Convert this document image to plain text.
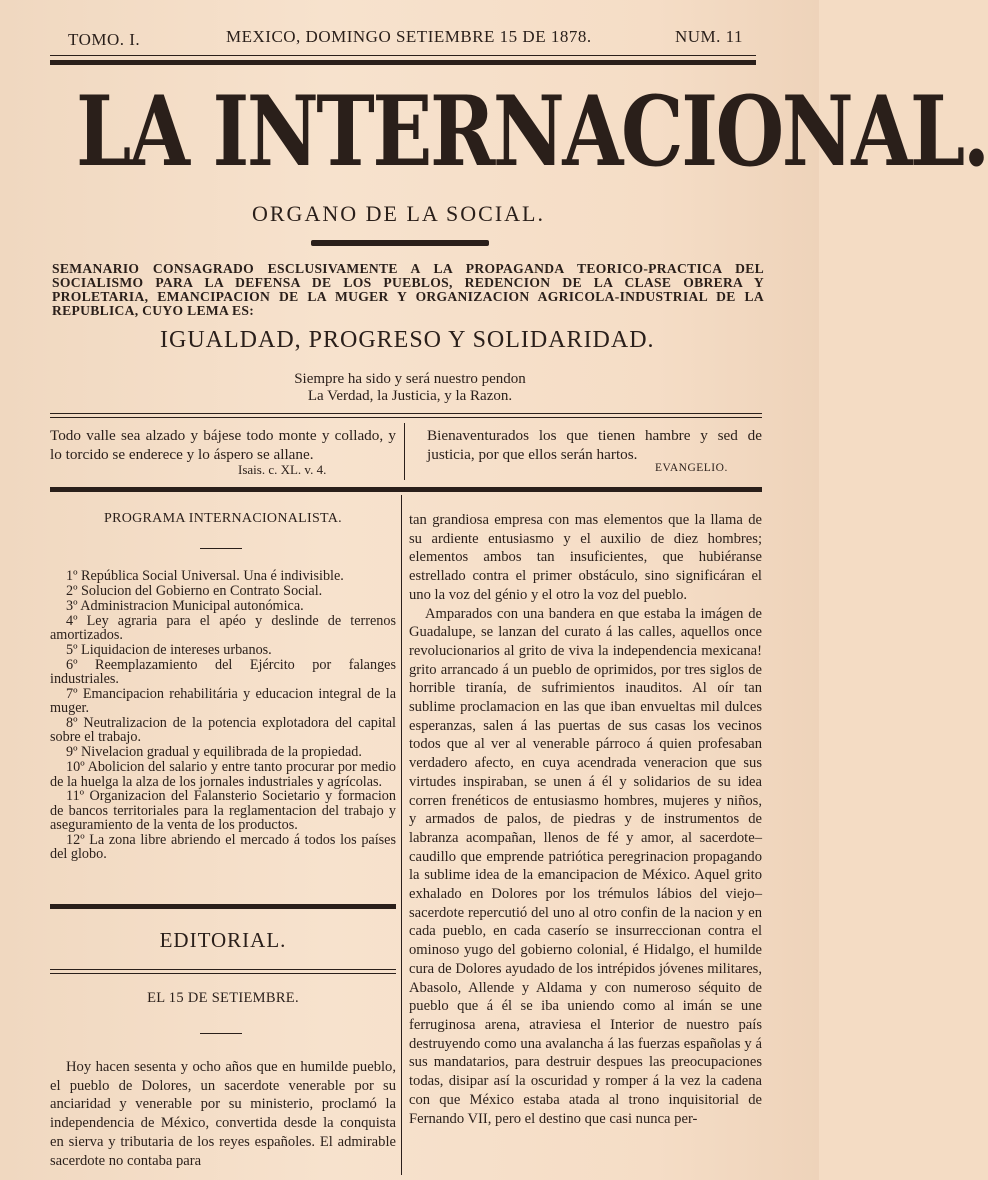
TOMO. I.	MEXICO, DOMINGO SETIEMBRE 15 DE 1878.	NUM. 11
LA INTERNACIONAL.
ORGANO DE LA SOCIAL.
SEMANARIO CONSAGRADO ESCLUSIVAMENTE A LA PROPAGANDA TEORICO-PRACTICA DEL SOCIALISMO PARA LA DEFENSA DE LOS PUEBLOS, REDENCION DE LA CLASE OBRERA Y PROLETARIA, EMANCIPACION DE LA MUGER Y ORGANIZACION AGRICOLA-INDUSTRIAL DE LA REPUBLICA, CUYO LEMA ES:
IGUALDAD, PROGRESO Y SOLIDARIDAD.
Siempre ha sido y será nuestro pendon
La Verdad, la Justicia, y la Razon.
Todo valle sea alzado y bájese todo monte y collado, y lo torcido se enderece y lo áspero se allane.
Isais. c. XL. v. 4.
Bienaventurados los que tienen hambre y sed de justicia, por que ellos serán hartos.
EVANGELIO.
PROGRAMA INTERNACIONALISTA.
1º República Social Universal. Una é indivisible.
2º Solucion del Gobierno en Contrato Social.
3º Administracion Municipal autonómica.
4º Ley agraria para el apéo y deslinde de terrenos amortizados.
5º Liquidacion de intereses urbanos.
6º Reemplazamiento del Ejército por falanges industriales.
7º Emancipacion rehabilitária y educacion integral de la muger.
8º Neutralizacion de la potencia explotadora del capital sobre el trabajo.
9º Nivelacion gradual y equilibrada de la propiedad.
10º Abolicion del salario y entre tanto procurar por medio de la huelga la alza de los jornales industriales y agrícolas.
11º Organizacion del Falansterio Societario y formacion de bancos territoriales para la reglamentacion del trabajo y aseguramiento de la venta de los productos.
12º La zona libre abriendo el mercado á todos los países del globo.
EDITORIAL.
EL 15 DE SETIEMBRE.
Hoy hacen sesenta y ocho años que en humilde pueblo, el pueblo de Dolores, un sacerdote venerable por su anciaridad y venerable por su ministerio, proclamó la independencia de México, convertida desde la conquista en sierva y tributaria de los reyes españoles. El admirable sacerdote no contaba para
tan grandiosa empresa con mas elementos que la llama de su ardiente entusiasmo y el auxilio de diez hombres; elementos ambos tan insuficientes, que hubiéranse estrellado contra el primer obstáculo, sino significáran el uno la voz del génio y el otro la voz del pueblo.
Amparados con una bandera en que estaba la imágen de Guadalupe, se lanzan del curato á las calles, aquellos once revolucionarios al grito de viva la independencia mexicana! grito arrancado á un pueblo de oprimidos, por tres siglos de horrible tiranía, de sufrimientos inauditos. Al oír tan sublime proclamacion en las que iban envueltas mil dulces esperanzas, salen á las puertas de sus casas los vecinos todos que al ver al venerable párroco á quien profesaban verdadero afecto, en cuya acendrada veneracion que sus virtudes inspiraban, se unen á él y solidarios de su idea corren frenéticos de entusiasmo hombres, mujeres y niños, y armados de palos, de piedras y de instrumentos de labranza acompañan, llenos de fé y amor, al sacerdote–caudillo que emprende patriótica peregrinacion propagando la sublime idea de la emancipacion de México. Aquel grito exhalado en Dolores por los trémulos lábios del viejo–sacerdote repercutió del uno al otro confin de la nacion y en cada pueblo, en cada caserío se insurreccionan contra el ominoso yugo del gobierno colonial, é Hidalgo, el humilde cura de Dolores ayudado de los intrépidos jóvenes militares, Abasolo, Allende y Aldama y con numeroso séquito de pueblo que á él se iba uniendo como al imán se une ferruginosa arena, atraviesa el Interior de nuestro país destruyendo como una avalancha á las fuerzas españolas y á sus mandatarios, para destruir despues las preocupaciones todas, disipar así la oscuridad y romper á la vez la cadena con que México estaba atada al trono inquisitorial de Fernando VII, pero el destino que casi nunca per-
